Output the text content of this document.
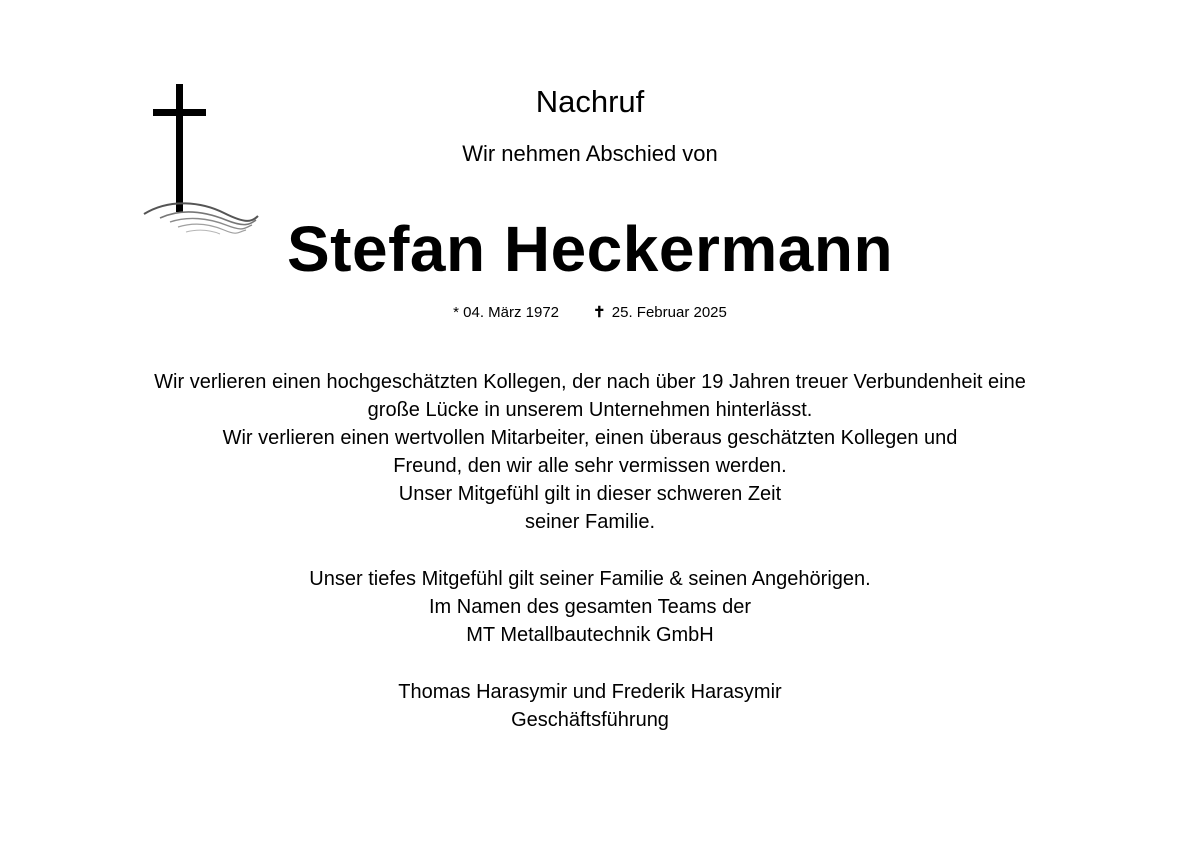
Nachruf
Wir nehmen Abschied von
Stefan Heckermann
* 04. März 1972 ✝ 25. Februar 2025
Wir verlieren einen hochgeschätzten Kollegen, der nach über 19 Jahren treuer Verbundenheit eine
große Lücke in unserem Unternehmen hinterlässt.
Wir verlieren einen wertvollen Mitarbeiter, einen überaus geschätzten Kollegen und
Freund, den wir alle sehr vermissen werden.
Unser Mitgefühl gilt in dieser schweren Zeit
seiner Familie.
Unser tiefes Mitgefühl gilt seiner Familie & seinen Angehörigen.
Im Namen des gesamten Teams der
MT Metallbautechnik GmbH
Thomas Harasymir und Frederik Harasymir
Geschäftsführung
